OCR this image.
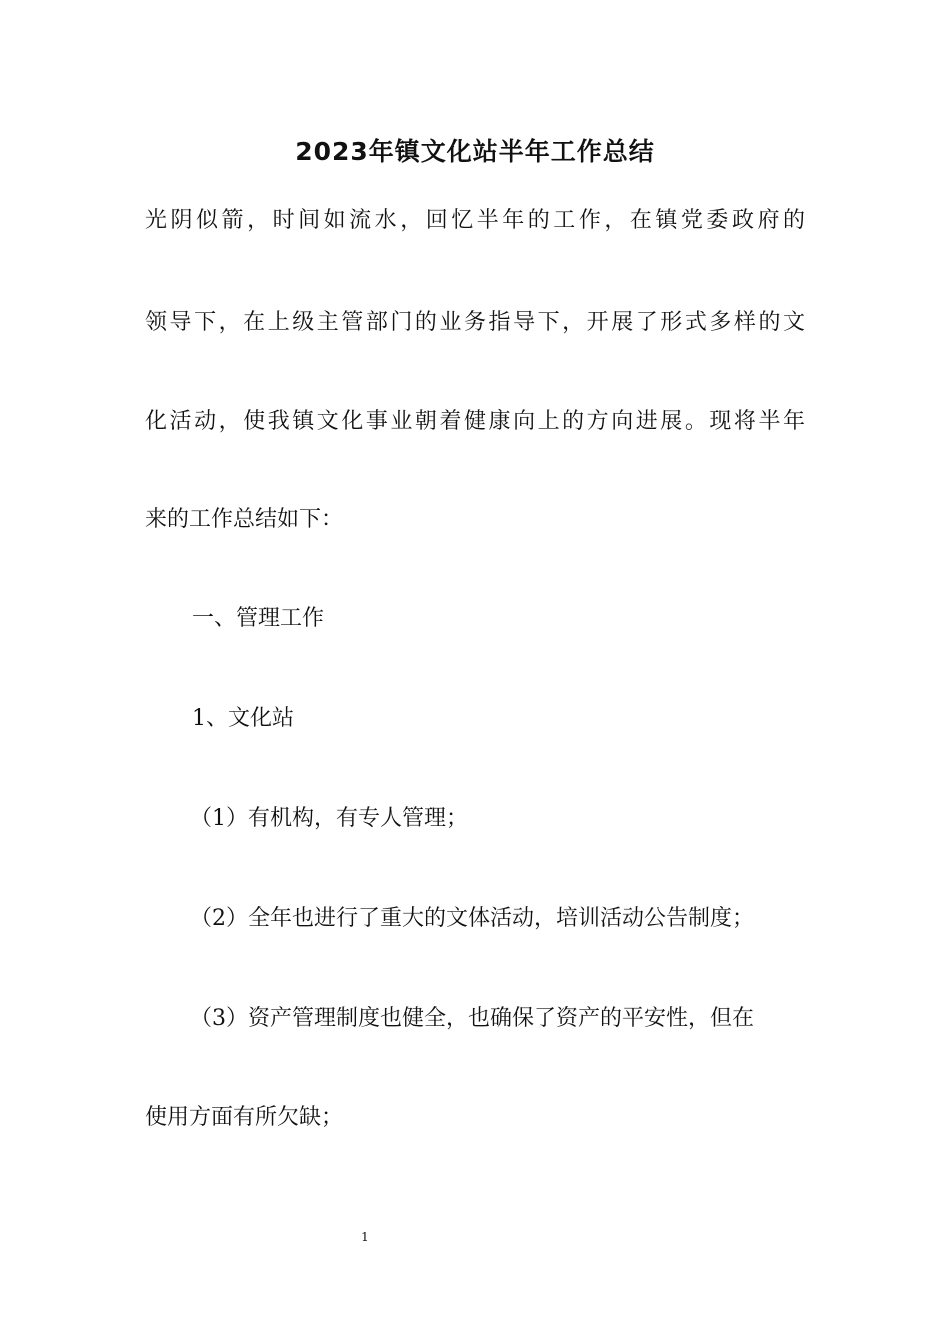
2023年镇文化站半年工作总结
光阴似箭，时间如流水，回忆半年的工作，在镇党委政府的
领导下，在上级主管部门的业务指导下，开展了形式多样的文
化活动，使我镇文化事业朝着健康向上的方向进展。现将半年
来的工作总结如下：
一、管理工作
1、文化站
（1）有机构，有专人管理；
（2）全年也进行了重大的文体活动，培训活动公告制度；
（3）资产管理制度也健全，也确保了资产的平安性，但在
使用方面有所欠缺；
1
